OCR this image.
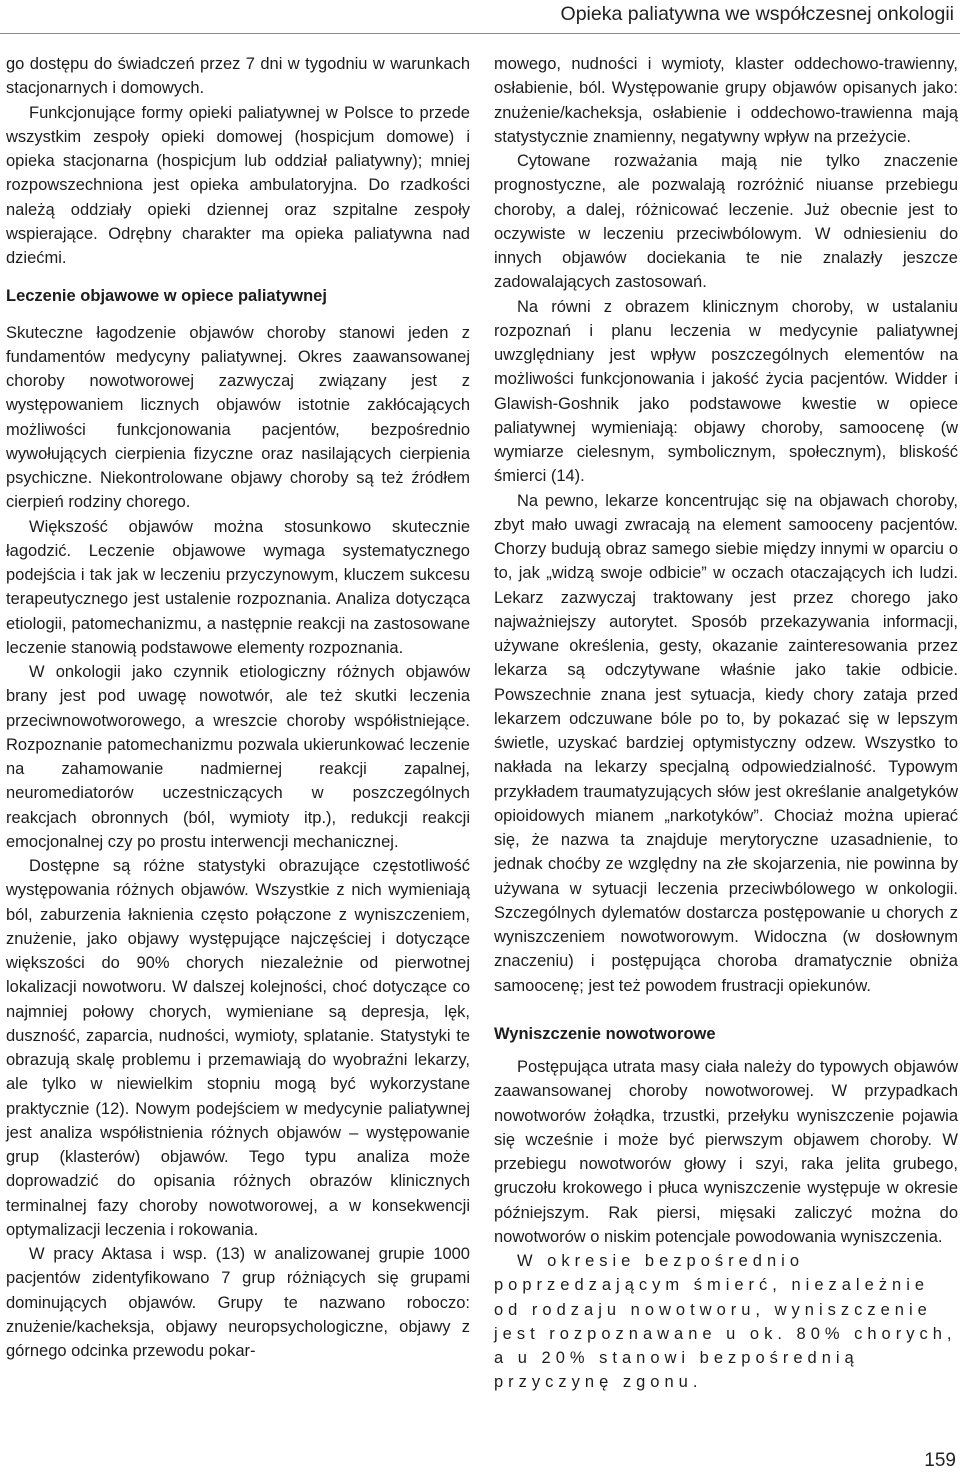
Opieka paliatywna we współczesnej onkologii

go dostępu do świadczeń przez 7 dni w tygodniu w warunkach stacjonarnych i domowych.

Funkcjonujące formy opieki paliatywnej w Polsce to przede wszystkim zespoły opieki domowej (hospicjum domowe) i opieka stacjonarna (hospicjum lub oddział paliatywny); mniej rozpowszechniona jest opieka ambulatoryjna. Do rzadkości należą oddziały opieki dziennej oraz szpitalne zespoły wspierające. Odrębny charakter ma opieka paliatywna nad dziećmi.

Leczenie objawowe w opiece paliatywnej

Skuteczne łagodzenie objawów choroby stanowi jeden z fundamentów medycyny paliatywnej. Okres zaawansowanej choroby nowotworowej zazwyczaj związany jest z występowaniem licznych objawów istotnie zakłócających możliwości funkcjonowania pacjentów, bezpośrednio wywołujących cierpienia fizyczne oraz nasilających cierpienia psychiczne. Niekontrolowane objawy choroby są też źródłem cierpień rodziny chorego.

Większość objawów można stosunkowo skutecznie łagodzić. Leczenie objawowe wymaga systematycznego podejścia i tak jak w leczeniu przyczynowym, kluczem sukcesu terapeutycznego jest ustalenie rozpoznania. Analiza dotycząca etiologii, patomechanizmu, a następnie reakcji na zastosowane leczenie stanowią podstawowe elementy rozpoznania.

W onkologii jako czynnik etiologiczny różnych objawów brany jest pod uwagę nowotwór, ale też skutki leczenia przeciwnowotworowego, a wreszcie choroby współistniejące. Rozpoznanie patomechanizmu pozwala ukierunkować leczenie na zahamowanie nadmiernej reakcji zapalnej, neuromediatorów uczestniczących w poszczególnych reakcjach obronnych (ból, wymioty itp.), redukcji reakcji emocjonalnej czy po prostu interwencji mechanicznej.

Dostępne są różne statystyki obrazujące częstotliwość występowania różnych objawów. Wszystkie z nich wymieniają ból, zaburzenia łaknienia często połączone z wyniszczeniem, znużenie, jako objawy występujące najczęściej i dotyczące większości do 90% chorych niezależnie od pierwotnej lokalizacji nowotworu. W dalszej kolejności, choć dotyczące co najmniej połowy chorych, wymieniane są depresja, lęk, duszność, zaparcia, nudności, wymioty, splatanie. Statystyki te obrazują skalę problemu i przemawiają do wyobraźni lekarzy, ale tylko w niewielkim stopniu mogą być wykorzystane praktycznie (12). Nowym podejściem w medycynie paliatywnej jest analiza współistnienia różnych objawów – występowanie grup (klasterów) objawów. Tego typu analiza może doprowadzić do opisania różnych obrazów klinicznych terminalnej fazy choroby nowotworowej, a w konsekwencji optymalizacji leczenia i rokowania.

W pracy Aktasa i wsp. (13) w analizowanej grupie 1000 pacjentów zidentyfikowano 7 grup różniących się grupami dominujących objawów. Grupy te nazwano roboczo: znużenie/kacheksja, objawy neuropsychologiczne, objawy z górnego odcinka przewodu pokar-

mowego, nudności i wymioty, klaster oddechowo-trawienny, osłabienie, ból. Występowanie grupy objawów opisanych jako: znużenie/kacheksja, osłabienie i oddechowo-trawienna mają statystycznie znamienny, negatywny wpływ na przeżycie.

Cytowane rozważania mają nie tylko znaczenie prognostyczne, ale pozwalają rozróżnić niuanse przebiegu choroby, a dalej, różnicować leczenie. Już obecnie jest to oczywiste w leczeniu przeciwbólowym. W odniesieniu do innych objawów dociekania te nie znalazły jeszcze zadowalających zastosowań.

Na równi z obrazem klinicznym choroby, w ustalaniu rozpoznań i planu leczenia w medycynie paliatywnej uwzględniany jest wpływ poszczególnych elementów na możliwości funkcjonowania i jakość życia pacjentów. Widder i Glawish-Goshnik jako podstawowe kwestie w opiece paliatywnej wymieniają: objawy choroby, samoocenę (w wymiarze cielesnym, symbolicznym, społecznym), bliskość śmierci (14).

Na pewno, lekarze koncentrując się na objawach choroby, zbyt mało uwagi zwracają na element samooceny pacjentów. Chorzy budują obraz samego siebie między innymi w oparciu o to, jak „widzą swoje odbicie” w oczach otaczających ich ludzi. Lekarz zazwyczaj traktowany jest przez chorego jako najważniejszy autorytet. Sposób przekazywania informacji, używane określenia, gesty, okazanie zainteresowania przez lekarza są odczytywane właśnie jako takie odbicie. Powszechnie znana jest sytuacja, kiedy chory zataja przed lekarzem odczuwane bóle po to, by pokazać się w lepszym świetle, uzyskać bardziej optymistyczny odzew. Wszystko to nakłada na lekarzy specjalną odpowiedzialność. Typowym przykładem traumatyzujących słów jest określanie analgetyków opioidowych mianem „narkotyków”. Chociaż można upierać się, że nazwa ta znajduje merytoryczne uzasadnienie, to jednak choćby ze względny na złe skojarzenia, nie powinna by używana w sytuacji leczenia przeciwbólowego w onkologii. Szczególnych dylematów dostarcza postępowanie u chorych z wyniszczeniem nowotworowym. Widoczna (w dosłownym znaczeniu) i postępująca choroba dramatycznie obniża samoocenę; jest też powodem frustracji opiekunów.

Wyniszczenie nowotworowe

Postępująca utrata masy ciała należy do typowych objawów zaawansowanej choroby nowotworowej. W przypadkach nowotworów żołądka, trzustki, przełyku wyniszczenie pojawia się wcześnie i może być pierwszym objawem choroby. W przebiegu nowotworów głowy i szyi, raka jelita grubego, gruczołu krokowego i płuca wyniszczenie występuje w okresie późniejszym. Rak piersi, mięsaki zaliczyć można do nowotworów o niskim potencjale powodowania wyniszczenia.

W okresie bezpośrednio poprzedzającym śmierć, niezależnie od rodzaju nowotworu, wyniszczenie jest rozpoznawane u ok. 80% chorych, a u 20% stanowi bezpośrednią przyczynę zgonu.

159
